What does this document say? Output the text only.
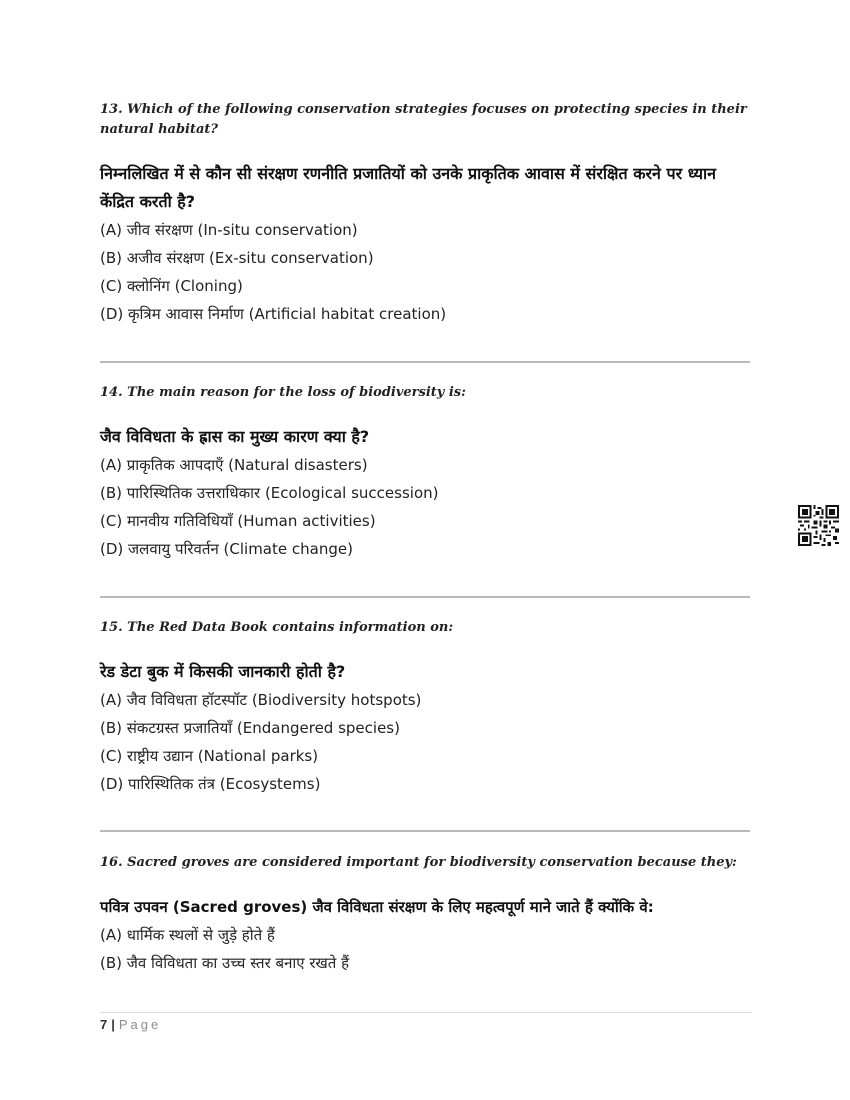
13. Which of the following conservation strategies focuses on protecting species in their natural habitat?

निम्नलिखित में से कौन सी संरक्षण रणनीति प्रजातियों को उनके प्राकृतिक आवास में संरक्षित करने पर ध्यान केंद्रित करती है?

(A) जीव संरक्षण (In-situ conservation)

(B) अजीव संरक्षण (Ex-situ conservation)

(C) क्लोनिंग (Cloning)

(D) कृत्रिम आवास निर्माण (Artificial habitat creation)

14. The main reason for the loss of biodiversity is:

जैव विविधता के ह्रास का मुख्य कारण क्या है?

(A) प्राकृतिक आपदाएँ (Natural disasters)

(B) पारिस्थितिक उत्तराधिकार (Ecological succession)

(C) मानवीय गतिविधियाँ (Human activities)

(D) जलवायु परिवर्तन (Climate change)

15. The Red Data Book contains information on:

रेड डेटा बुक में किसकी जानकारी होती है?

(A) जैव विविधता हॉटस्पॉट (Biodiversity hotspots)

(B) संकटग्रस्त प्रजातियाँ (Endangered species)

(C) राष्ट्रीय उद्यान (National parks)

(D) पारिस्थितिक तंत्र (Ecosystems)

16. Sacred groves are considered important for biodiversity conservation because they:

पवित्र उपवन (Sacred groves) जैव विविधता संरक्षण के लिए महत्वपूर्ण माने जाते हैं क्योंकि वे:

(A) धार्मिक स्थलों से जुड़े होते हैं

(B) जैव विविधता का उच्च स्तर बनाए रखते हैं

7 | Page
